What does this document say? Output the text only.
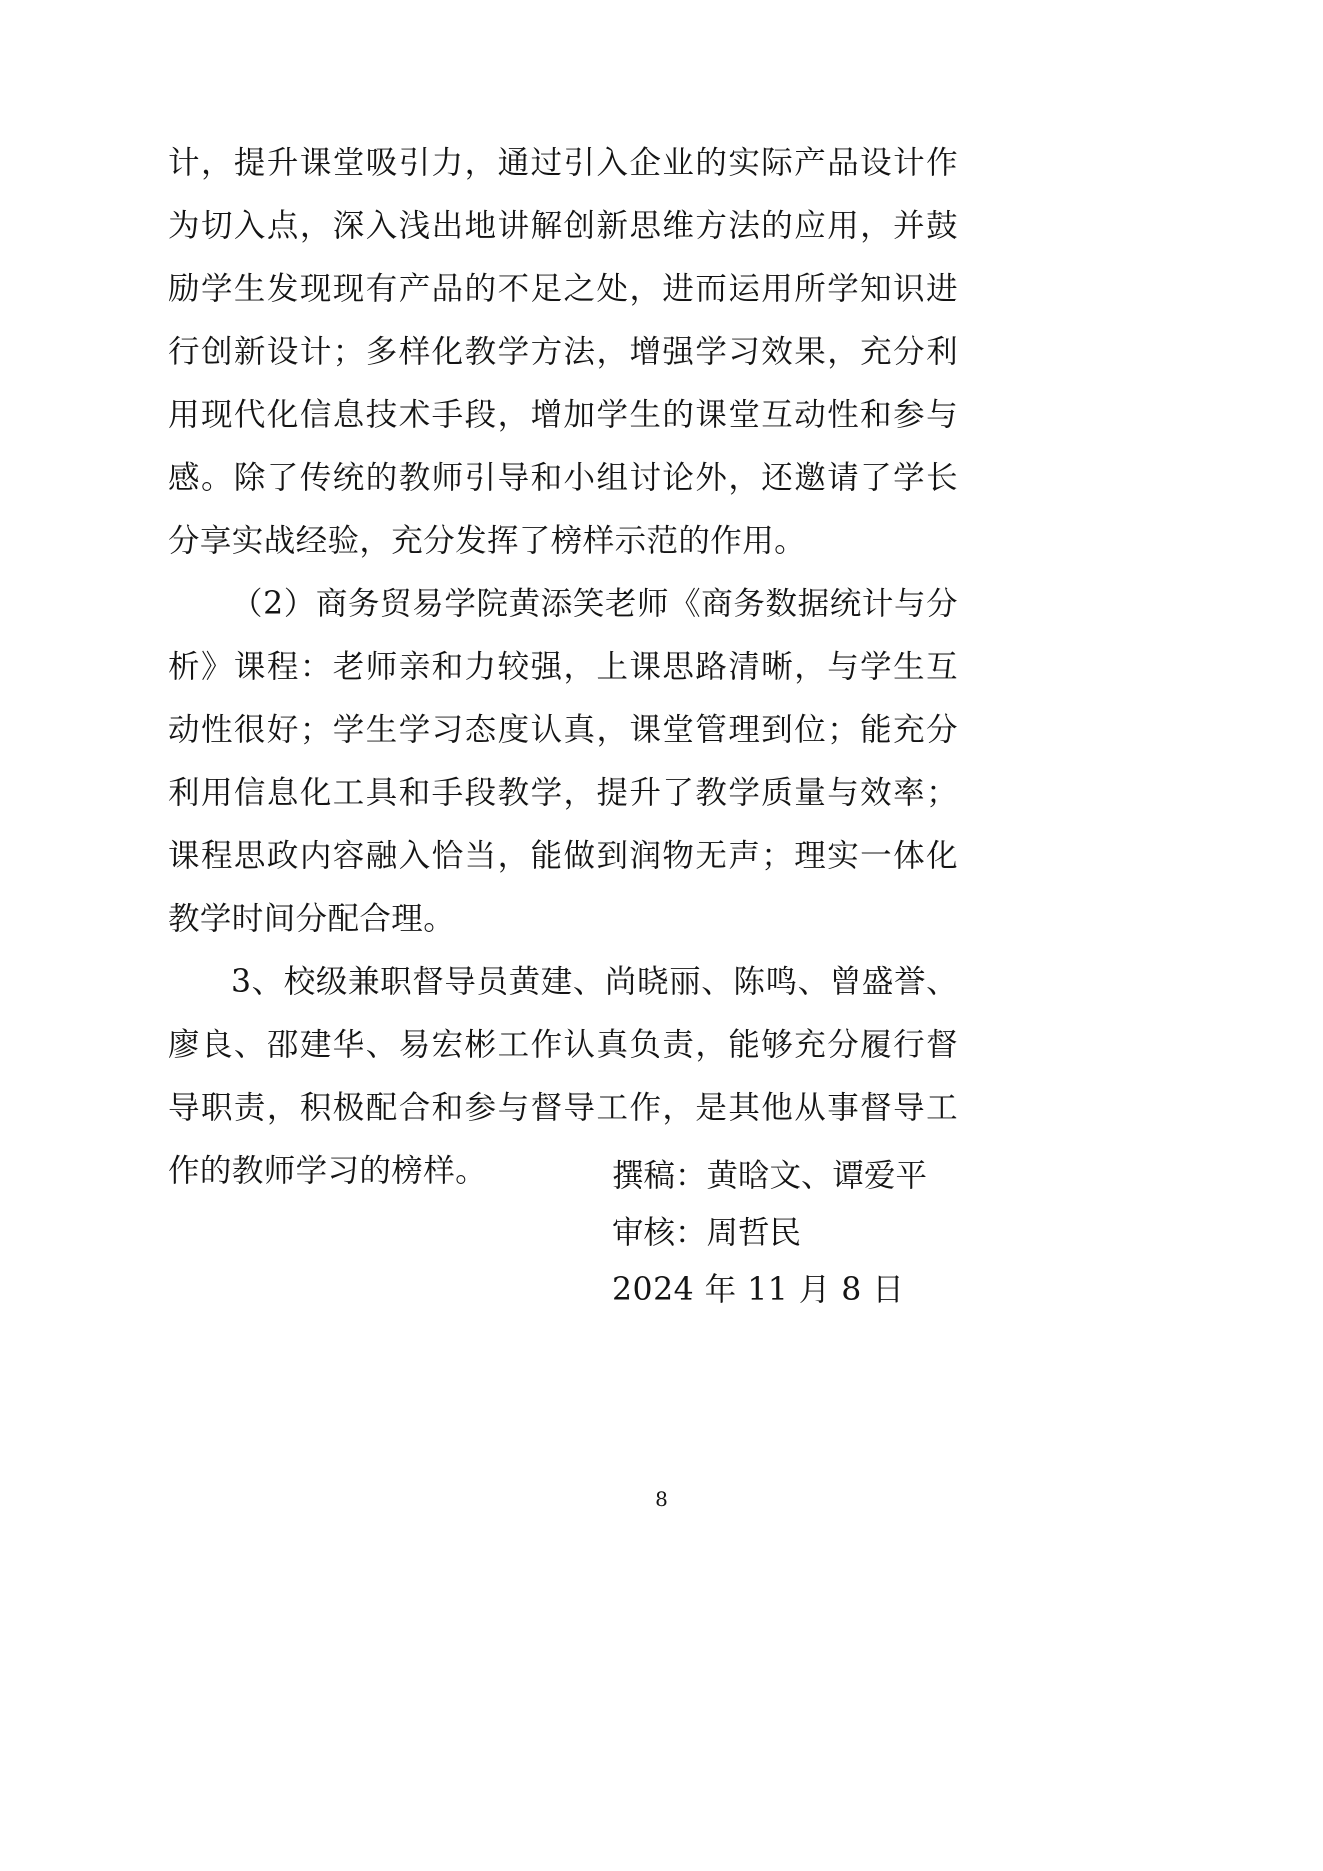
计，提升课堂吸引力，通过引入企业的实际产品设计作为切入点，深入浅出地讲解创新思维方法的应用，并鼓励学生发现现有产品的不足之处，进而运用所学知识进行创新设计；多样化教学方法，增强学习效果，充分利用现代化信息技术手段，增加学生的课堂互动性和参与感。除了传统的教师引导和小组讨论外，还邀请了学长分享实战经验，充分发挥了榜样示范的作用。

（2）商务贸易学院黄添笑老师《商务数据统计与分析》课程：老师亲和力较强，上课思路清晰，与学生互动性很好；学生学习态度认真，课堂管理到位；能充分利用信息化工具和手段教学，提升了教学质量与效率；课程思政内容融入恰当，能做到润物无声；理实一体化教学时间分配合理。

3、校级兼职督导员黄建、尚晓丽、陈鸣、曾盛誉、廖良、邵建华、易宏彬工作认真负责，能够充分履行督导职责，积极配合和参与督导工作，是其他从事督导工作的教师学习的榜样。	撰稿：黄晗文、谭爱平
审核：周哲民
2024 年 11 月 8 日
8
